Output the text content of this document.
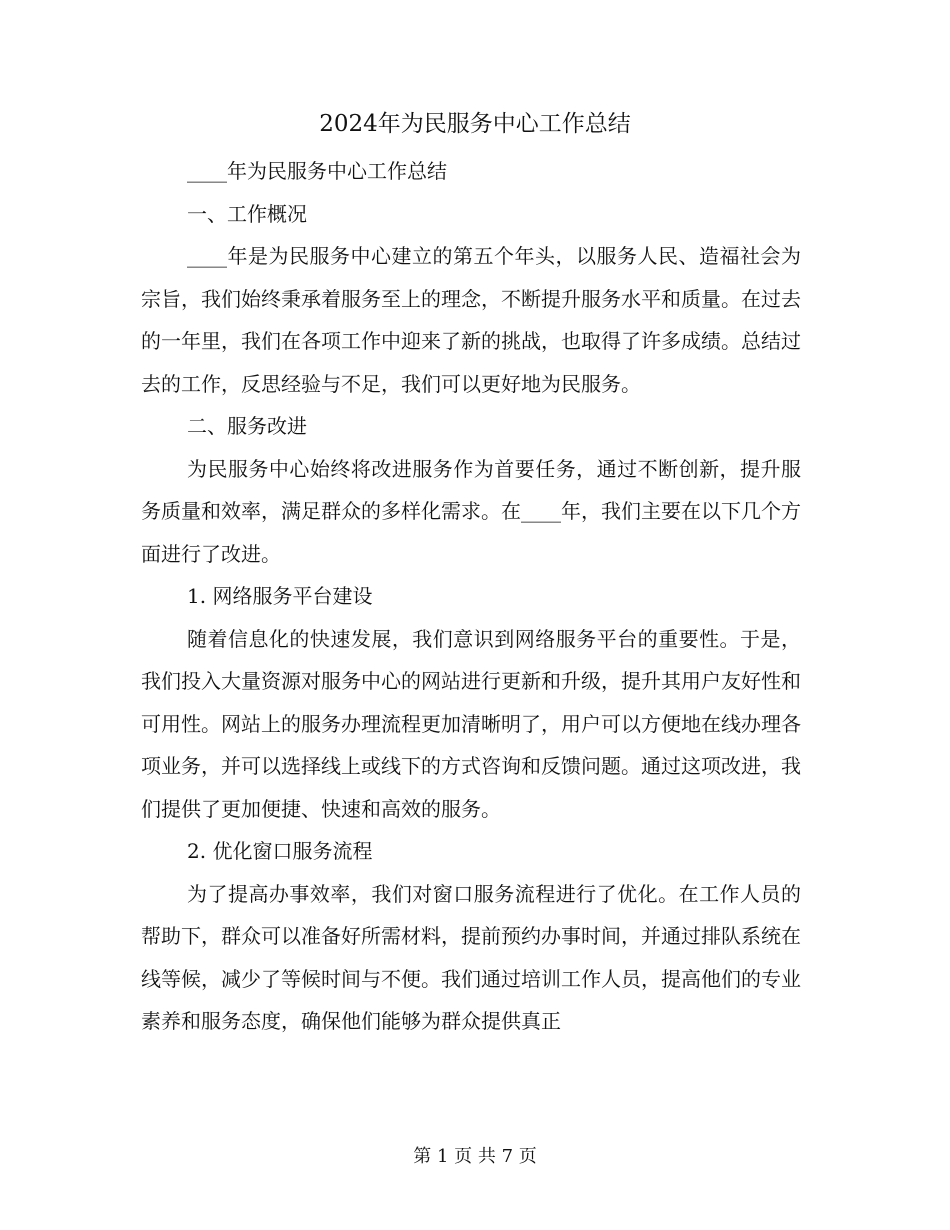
2024年为民服务中心工作总结

____年为民服务中心工作总结

一、工作概况

____年是为民服务中心建立的第五个年头，以服务人民、造福社会为宗旨，我们始终秉承着服务至上的理念，不断提升服务水平和质量。在过去的一年里，我们在各项工作中迎来了新的挑战，也取得了许多成绩。总结过去的工作，反思经验与不足，我们可以更好地为民服务。

二、服务改进

为民服务中心始终将改进服务作为首要任务，通过不断创新，提升服务质量和效率，满足群众的多样化需求。在____年，我们主要在以下几个方面进行了改进。

1. 网络服务平台建设

随着信息化的快速发展，我们意识到网络服务平台的重要性。于是，我们投入大量资源对服务中心的网站进行更新和升级，提升其用户友好性和可用性。网站上的服务办理流程更加清晰明了，用户可以方便地在线办理各项业务，并可以选择线上或线下的方式咨询和反馈问题。通过这项改进，我们提供了更加便捷、快速和高效的服务。

2. 优化窗口服务流程

为了提高办事效率，我们对窗口服务流程进行了优化。在工作人员的帮助下，群众可以准备好所需材料，提前预约办事时间，并通过排队系统在线等候，减少了等候时间与不便。我们通过培训工作人员，提高他们的专业素养和服务态度，确保他们能够为群众提供真正

第 1 页 共 7 页
